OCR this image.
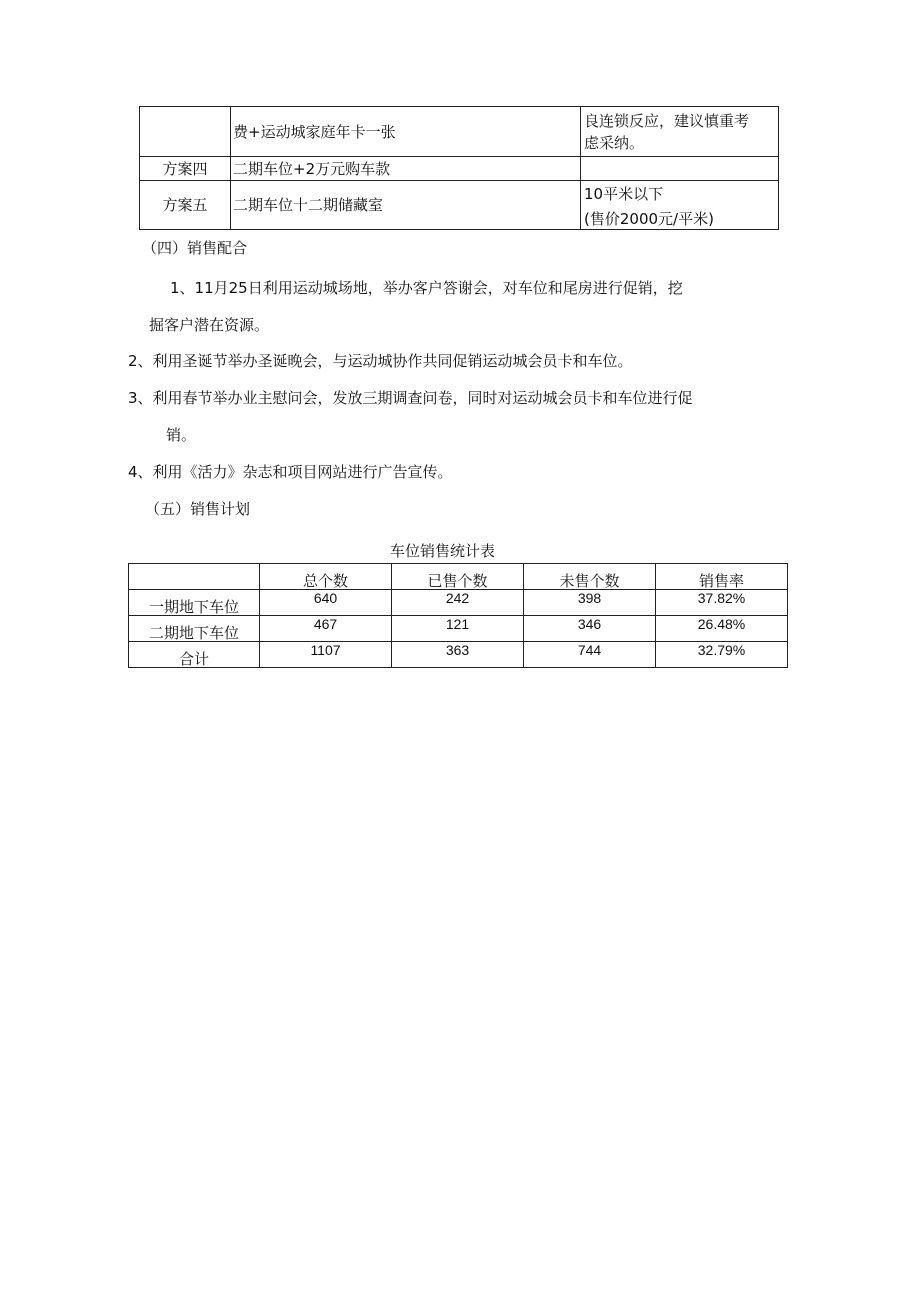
	费+运动城家庭年卡一张	良连锁反应，建议慎重考
虑采纳。

方案四	二期车位+2万元购车款	
方案五	二期车位十二期储藏室	10平米以下
(售价2000元/平米)
（四）销售配合
1、11月25日利用运动城场地，举办客户答谢会，对车位和尾房进行促销，挖
掘客户潜在资源。
2、利用圣诞节举办圣诞晚会，与运动城协作共同促销运动城会员卡和车位。
3、利用春节举办业主慰问会，发放三期调查问卷，同时对运动城会员卡和车位进行促
销。
4、利用《活力》杂志和项目网站进行广告宣传。
（五）销售计划
车位销售统计表
	总个数	已售个数	未售个数	销售率
一期地下车位	640	242	398	37.82%
二期地下车位	467	121	346	26.48%
合计	1107	363	744	32.79%
